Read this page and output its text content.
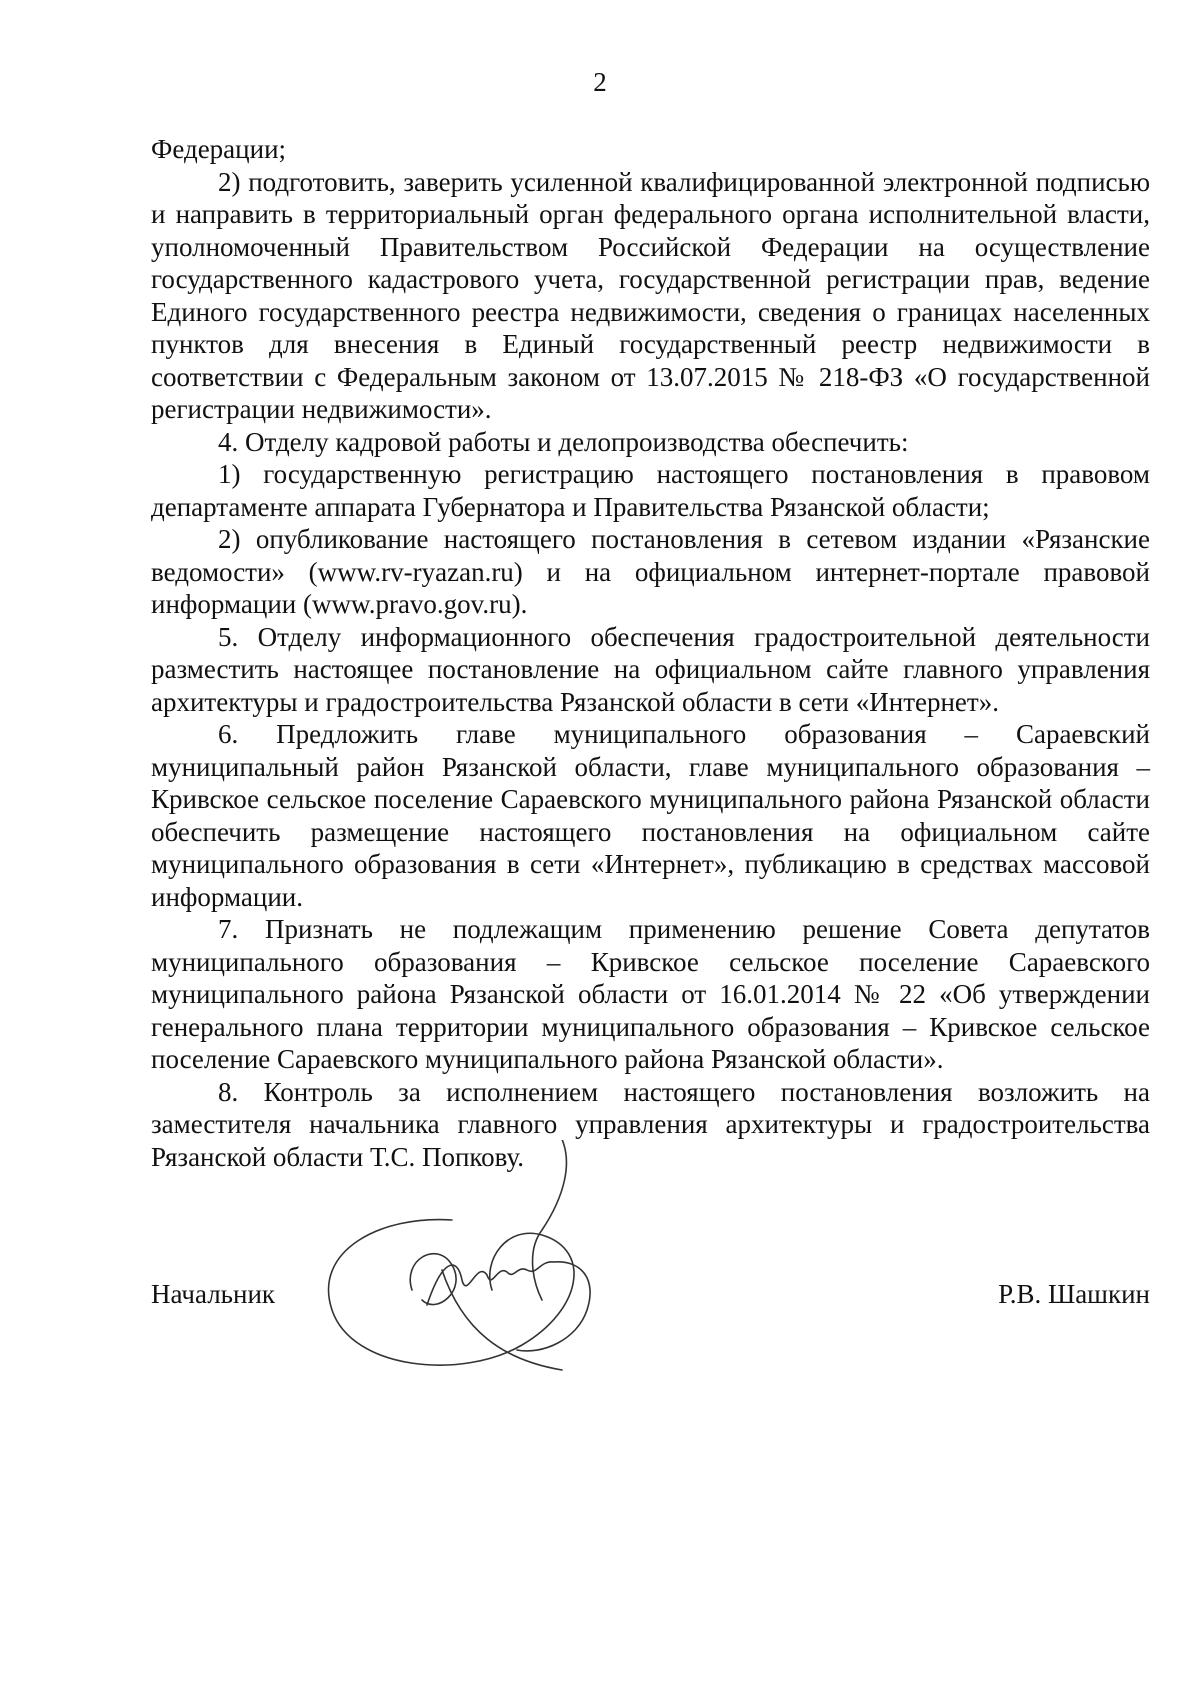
2

Федерации;

2) подготовить, заверить усиленной квалифицированной электронной подписью и направить в территориальный орган федерального органа исполнительной власти, уполномоченный Правительством Российской Федерации на осуществление государственного кадастрового учета, государственной регистрации прав, ведение Единого государственного реестра недвижимости, сведения о границах населенных пунктов для внесения в Единый государственный реестр недвижимости в соответствии с Федеральным законом от 13.07.2015 № 218-ФЗ «О государственной регистрации недвижимости».

4. Отделу кадровой работы и делопроизводства обеспечить:

1) государственную регистрацию настоящего постановления в правовом департаменте аппарата Губернатора и Правительства Рязанской области;

2) опубликование настоящего постановления в сетевом издании «Рязанские ведомости» (www.rv-ryazan.ru) и на официальном интернет-портале правовой информации (www.pravo.gov.ru).

5. Отделу информационного обеспечения градостроительной деятельности разместить настоящее постановление на официальном сайте главного управления архитектуры и градостроительства Рязанской области в сети «Интернет».

6. Предложить главе муниципального образования – Сараевский муниципальный район Рязанской области, главе муниципального образования – Кривское сельское поселение Сараевского муниципального района Рязанской области обеспечить размещение настоящего постановления на официальном сайте муниципального образования в сети «Интернет», публикацию в средствах массовой информации.

7. Признать не подлежащим применению решение Совета депутатов муниципального образования – Кривское сельское поселение Сараевского муниципального района Рязанской области от 16.01.2014 № 22 «Об утверждении генерального плана территории муниципального образования – Кривское сельское поселение Сараевского муниципального района Рязанской области».

8. Контроль за исполнением настоящего постановления возложить на заместителя начальника главного управления архитектуры и градостроительства Рязанской области Т.С. Попкову.

Начальник	Р.В. Шашкин
